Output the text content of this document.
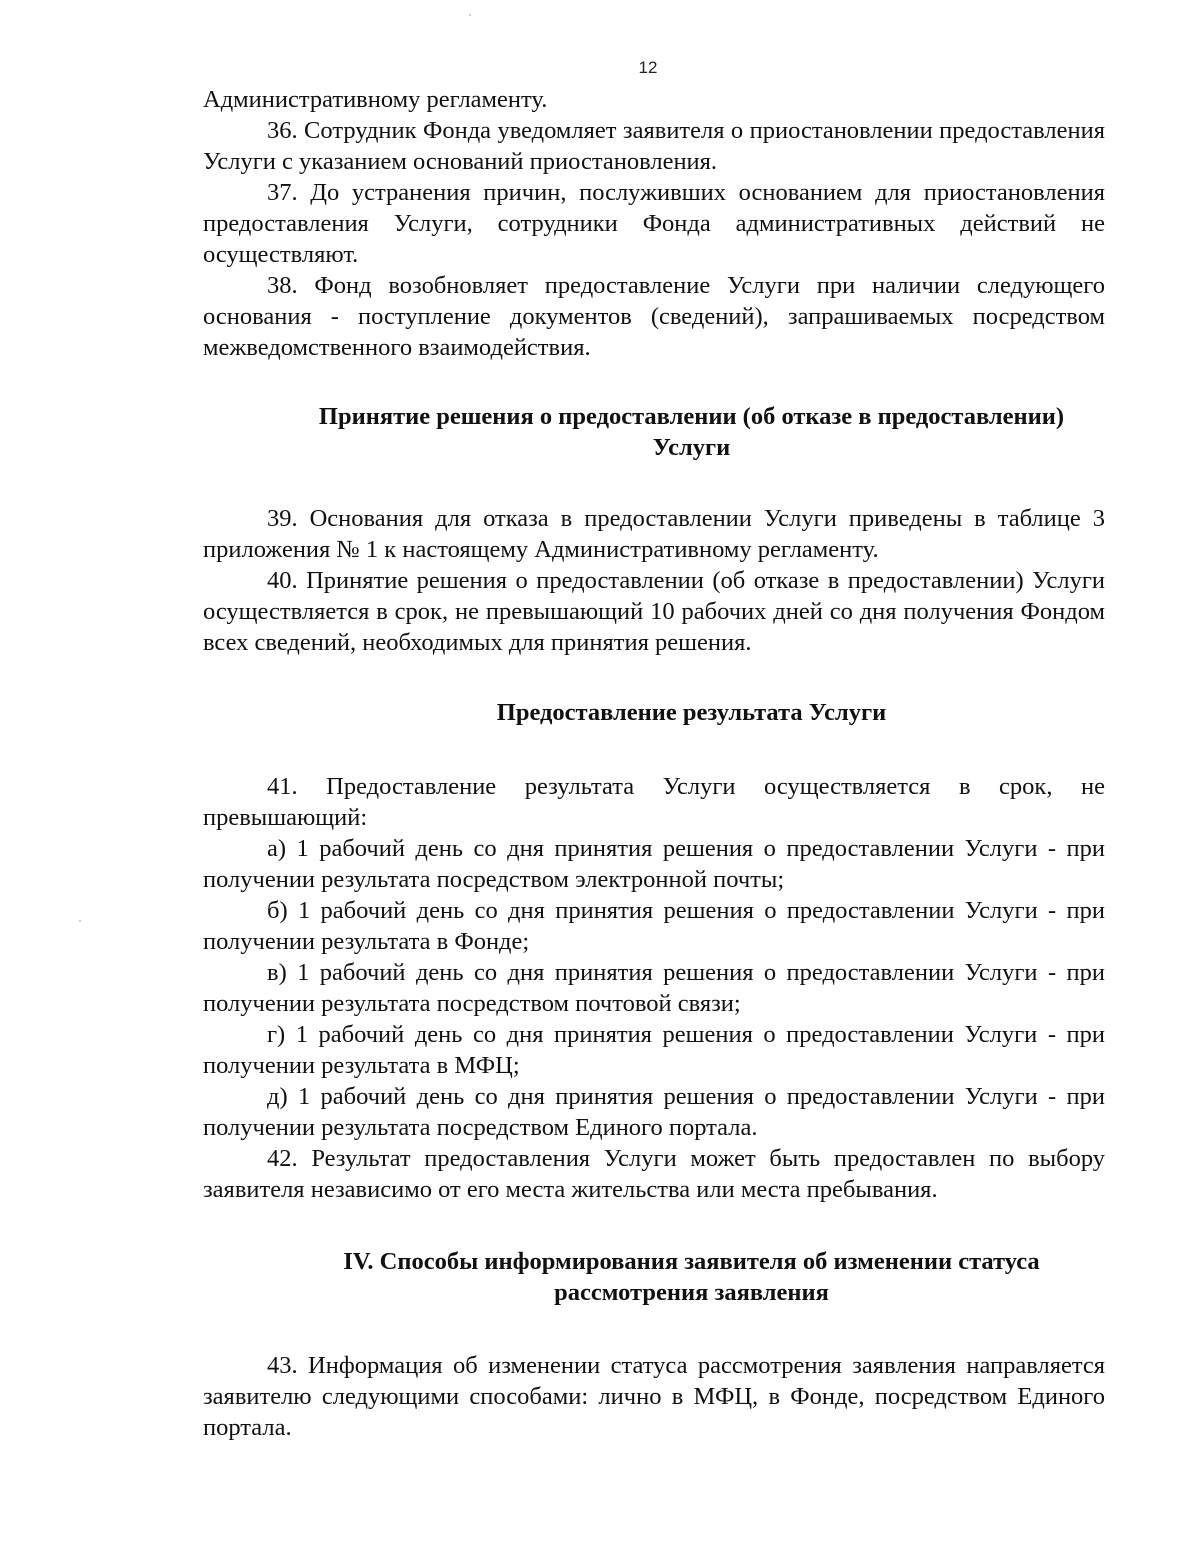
12

Административному регламенту.

36. Сотрудник Фонда уведомляет заявителя о приостановлении предоставления Услуги с указанием оснований приостановления.

37. До устранения причин, послуживших основанием для приостановления предоставления Услуги, сотрудники Фонда административных действий не осуществляют.

38. Фонд возобновляет предоставление Услуги при наличии следующего основания - поступление документов (сведений), запрашиваемых посредством межведомственного взаимодействия.

Принятие решения о предоставлении (об отказе в предоставлении) Услуги

39. Основания для отказа в предоставлении Услуги приведены в таблице 3 приложения № 1 к настоящему Административному регламенту.

40. Принятие решения о предоставлении (об отказе в предоставлении) Услуги осуществляется в срок, не превышающий 10 рабочих дней со дня получения Фондом всех сведений, необходимых для принятия решения.

Предоставление результата Услуги

41. Предоставление результата Услуги осуществляется в срок, не превышающий:

а) 1 рабочий день со дня принятия решения о предоставлении Услуги - при получении результата посредством электронной почты;

б) 1 рабочий день со дня принятия решения о предоставлении Услуги - при получении результата в Фонде;

в) 1 рабочий день со дня принятия решения о предоставлении Услуги - при получении результата посредством почтовой связи;

г) 1 рабочий день со дня принятия решения о предоставлении Услуги - при получении результата в МФЦ;

д) 1 рабочий день со дня принятия решения о предоставлении Услуги - при получении результата посредством Единого портала.

42. Результат предоставления Услуги может быть предоставлен по выбору заявителя независимо от его места жительства или места пребывания.

IV. Способы информирования заявителя об изменении статуса рассмотрения заявления

43. Информация об изменении статуса рассмотрения заявления направляется заявителю следующими способами: лично в МФЦ, в Фонде, посредством Единого портала.
